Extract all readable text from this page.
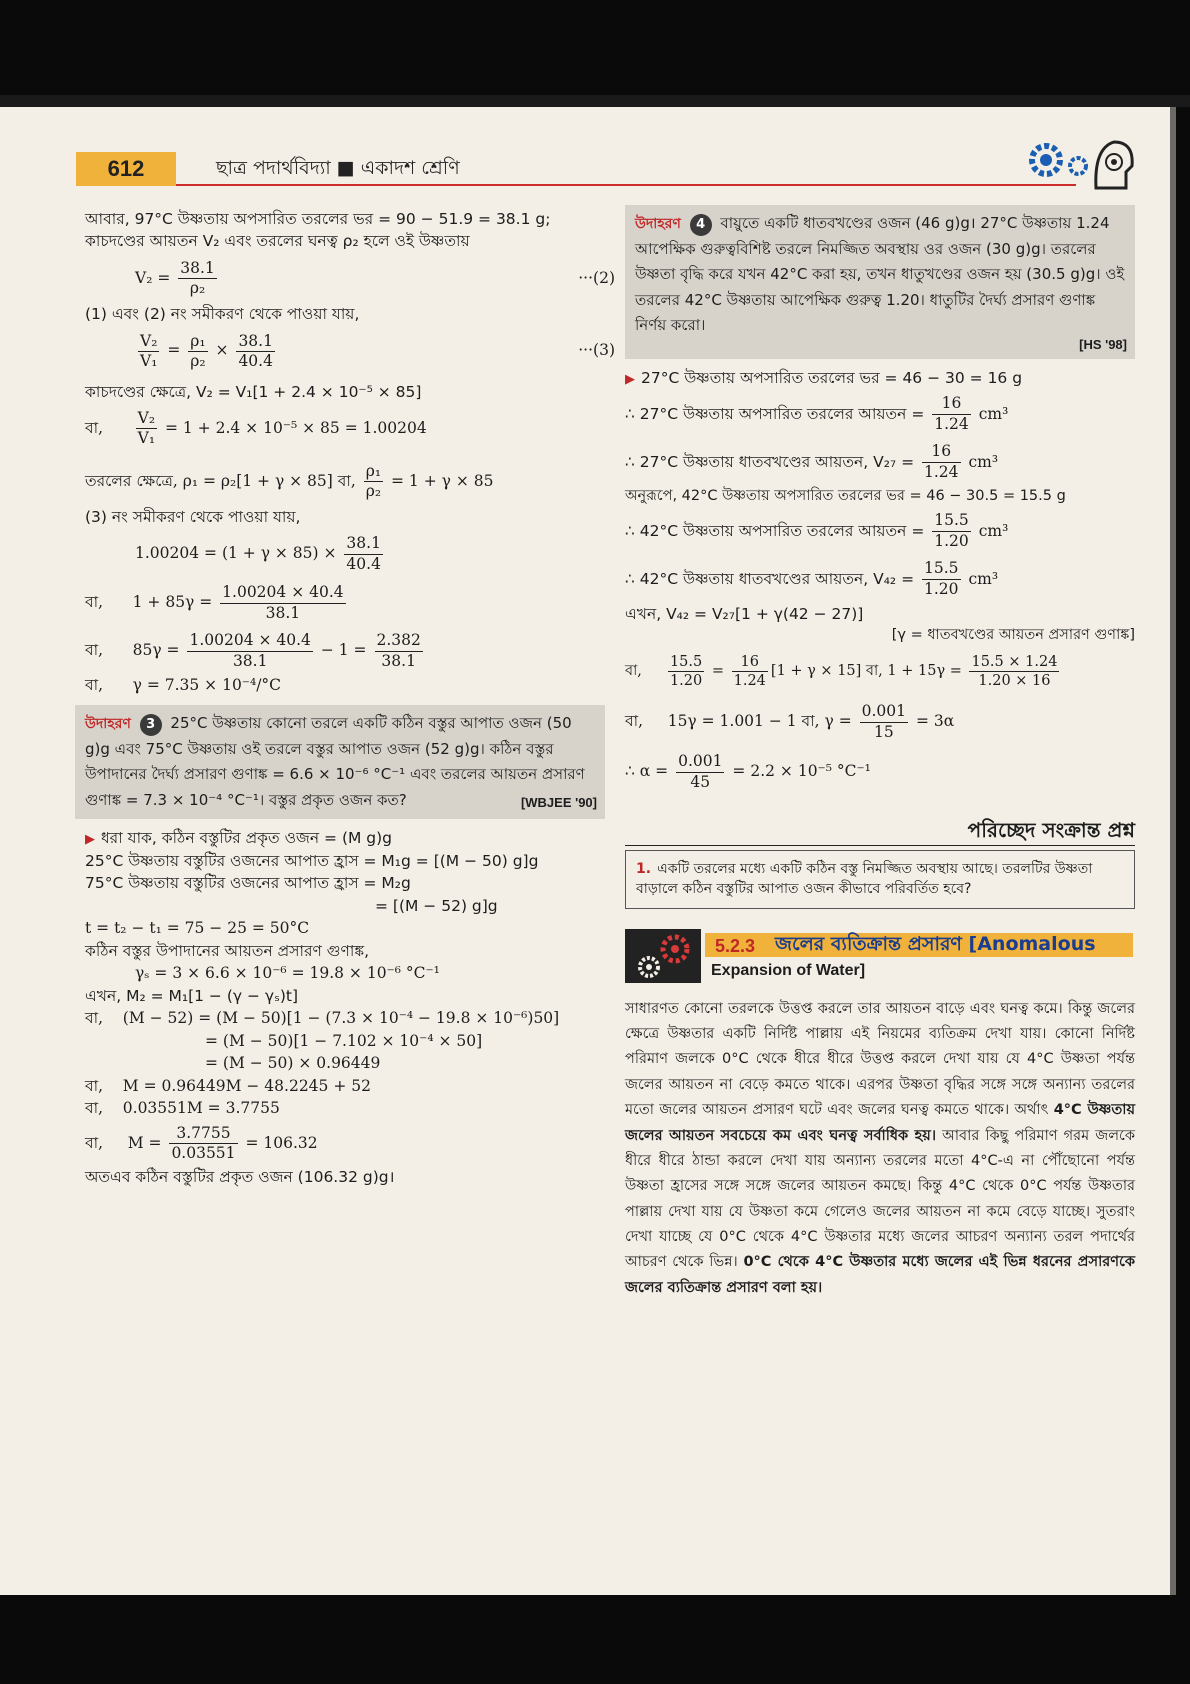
612	ছাত্র পদার্থবিদ্যা ■ একাদশ শ্রেণি
আবার, 97°C উষ্ণতায় অপসারিত তরলের ভর = 90 − 51.9 = 38.1 g;
কাচদণ্ডের আয়তন V₂ এবং তরলের ঘনত্ব ρ₂ হলে ওই উষ্ণতায়
$V_2 = \frac{38.1}{\text{ρ₂}}$	···(2)
(1) এবং (2) নং সমীকরণ থেকে পাওয়া যায়,
$\frac{\text{V₂}}{\text{V₁}} = \frac{\text{ρ₁}}{\text{ρ₂}} \times \frac{38.1}{40.4}$	···(3)
কাচদণ্ডের ক্ষেত্রে, V₂ = V₁[1 + 2.4 × 10⁻⁵ × 85]
বা, $\frac{\text{V₂}}{\text{V₁}} = 1 + 2.4 \times 10^{-5} \times 85 = 1.00204$
তরলের ক্ষেত্রে, ρ₁ = ρ₂[1 + γ × 85] বা, $\frac{\text{ρ₁}}{\text{ρ₂}} = 1 + \gamma \times 85$
(3) নং সমীকরণ থেকে পাওয়া যায়,
$1.00204 = (1 + \gamma \times 85) \times \frac{38.1}{40.4}$
বা, $1 + 85\gamma = \frac{1.00204 \times 40.4}{38.1}$
বা, $85\gamma = \frac{1.00204 \times 40.4}{38.1} - 1 = \frac{2.382}{38.1}$
বা, γ = 7.35 × 10⁻⁴/°C
উদাহরণ 3 25°C উষ্ণতায় কোনো তরলে একটি কঠিন বস্তুর আপাত ওজন (50 g)g এবং 75°C উষ্ণতায় ওই তরলে বস্তুর আপাত ওজন (52 g)g। কঠিন বস্তুর উপাদানের দৈর্ঘ্য প্রসারণ গুণাঙ্ক = 6.6 × 10⁻⁶ °C⁻¹ এবং তরলের আয়তন প্রসারণ গুণাঙ্ক = 7.3 × 10⁻⁴ °C⁻¹। বস্তুর প্রকৃত ওজন কত?	[WBJEE '90]
▶ ধরা যাক, কঠিন বস্তুটির প্রকৃত ওজন = (M g)g
25°C উষ্ণতায় বস্তুটির ওজনের আপাত হ্রাস = M₁g = [(M − 50) g]g
75°C উষ্ণতায় বস্তুটির ওজনের আপাত হ্রাস = M₂g
= [(M − 52) g]g
t = t₂ − t₁ = 75 − 25 = 50°C
কঠিন বস্তুর উপাদানের আয়তন প্রসারণ গুণাঙ্ক,
γₛ = 3 × 6.6 × 10⁻⁶ = 19.8 × 10⁻⁶ °C⁻¹
এখন, M₂ = M₁[1 − (γ − γₛ)t]
বা, (M − 52) = (M − 50)[1 − (7.3 × 10⁻⁴ − 19.8 × 10⁻⁶)50]
= (M − 50)[1 − 7.102 × 10⁻⁴ × 50]
= (M − 50) × 0.96449
বা, M = 0.96449M − 48.2245 + 52
বা, 0.03551M = 3.7755
বা, $M = \frac{3.7755}{0.03551} = 106.32$
অতএব কঠিন বস্তুটির প্রকৃত ওজন (106.32 g)g।
উদাহরণ 4 বায়ুতে একটি ধাতবখণ্ডের ওজন (46 g)g। 27°C উষ্ণতায় 1.24 আপেক্ষিক গুরুত্ববিশিষ্ট তরলে নিমজ্জিত অবস্থায় ওর ওজন (30 g)g। তরলের উষ্ণতা বৃদ্ধি করে যখন 42°C করা হয়, তখন ধাতুখণ্ডের ওজন হয় (30.5 g)g। ওই তরলের 42°C উষ্ণতায় আপেক্ষিক গুরুত্ব 1.20। ধাতুটির দৈর্ঘ্য প্রসারণ গুণাঙ্ক নির্ণয় করো।
[HS '98]
▶ 27°C উষ্ণতায় অপসারিত তরলের ভর = 46 − 30 = 16 g
∴ 27°C উষ্ণতায় অপসারিত তরলের আয়তন = $\frac{16}{1.24} cm^3$
∴ 27°C উষ্ণতায় ধাতবখণ্ডের আয়তন, $V_{27} = \frac{16}{1.24} cm^3$
অনুরূপে, 42°C উষ্ণতায় অপসারিত তরলের ভর = 46 − 30.5 = 15.5 g
∴ 42°C উষ্ণতায় অপসারিত তরলের আয়তন = $\frac{15.5}{1.20} cm^3$
∴ 42°C উষ্ণতায় ধাতবখণ্ডের আয়তন, $V_{42} = \frac{15.5}{1.20} cm^3$
এখন, V₄₂ = V₂₇[1 + γ(42 − 27)]
[γ = ধাতবখণ্ডের আয়তন প্রসারণ গুণাঙ্ক]
বা, $\frac{15.5}{1.20} = \frac{16}{1.24} [1 + \gamma \times 15]$ বা, $1 + 15\gamma = \frac{15.5 \times 1.24}{1.20 \times 16}$
বা, 15γ = 1.001 − 1 বা, $\gamma = \frac{0.001}{15} = 3\alpha$
∴ $\alpha = \frac{0.001}{45} = 2.2 \times 10^{-5}$ °C⁻¹
পরিচ্ছেদ সংক্রান্ত প্রশ্ন
1. একটি তরলের মধ্যে একটি কঠিন বস্তু নিমজ্জিত অবস্থায় আছে। তরলটির উষ্ণতা বাড়ালে কঠিন বস্তুটির আপাত ওজন কীভাবে পরিবর্তিত হবে?
5.2.3 জলের ব্যতিক্রান্ত প্রসারণ [Anomalous
Expansion of Water]
সাধারণত কোনো তরলকে উত্তপ্ত করলে তার আয়তন বাড়ে এবং ঘনত্ব কমে। কিন্তু জলের ক্ষেত্রে উষ্ণতার একটি নির্দিষ্ট পাল্লায় এই নিয়মের ব্যতিক্রম দেখা যায়। কোনো নির্দিষ্ট পরিমাণ জলকে 0°C থেকে ধীরে ধীরে উত্তপ্ত করলে দেখা যায় যে 4°C উষ্ণতা পর্যন্ত জলের আয়তন না বেড়ে কমতে থাকে। এরপর উষ্ণতা বৃদ্ধির সঙ্গে সঙ্গে অন্যান্য তরলের মতো জলের আয়তন প্রসারণ ঘটে এবং জলের ঘনত্ব কমতে থাকে। অর্থাৎ 4°C উষ্ণতায় জলের আয়তন সবচেয়ে কম এবং ঘনত্ব সর্বাধিক হয়। আবার কিছু পরিমাণ গরম জলকে ধীরে ধীরে ঠান্ডা করলে দেখা যায় অন্যান্য তরলের মতো 4°C-এ না পৌঁছোনো পর্যন্ত উষ্ণতা হ্রাসের সঙ্গে সঙ্গে জলের আয়তন কমছে। কিন্তু 4°C থেকে 0°C পর্যন্ত উষ্ণতার পাল্লায় দেখা যায় যে উষ্ণতা কমে গেলেও জলের আয়তন না কমে বেড়ে যাচ্ছে। সুতরাং দেখা যাচ্ছে যে 0°C থেকে 4°C উষ্ণতার মধ্যে জলের আচরণ অন্যান্য তরল পদার্থের আচরণ থেকে ভিন্ন। 0°C থেকে 4°C উষ্ণতার মধ্যে জলের এই ভিন্ন ধরনের প্রসারণকে জলের ব্যতিক্রান্ত প্রসারণ বলা হয়।
